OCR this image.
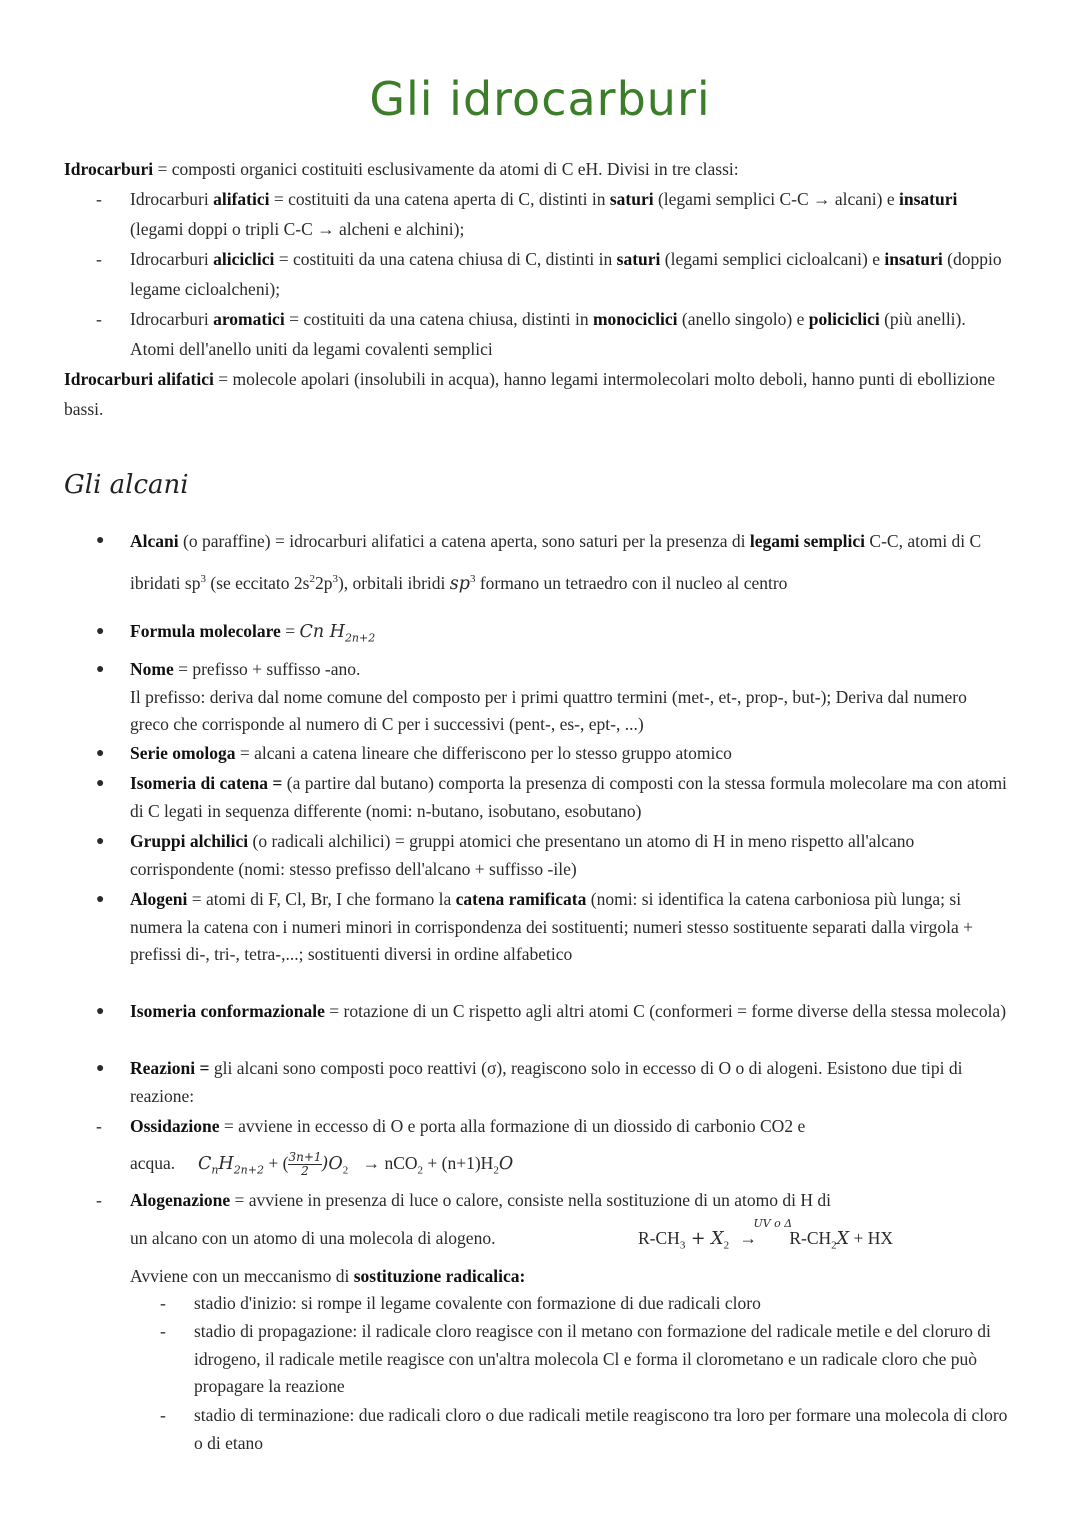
Gli idrocarburi
Idrocarburi = composti organici costituiti esclusivamente da atomi di C eH. Divisi in tre classi:
- Idrocarburi alifatici = costituiti da una catena aperta di C, distinti in saturi (legami semplici C-C → alcani) e insaturi (legami doppi o tripli C-C → alcheni e alchini);
- Idrocarburi aliciclici = costituiti da una catena chiusa di C, distinti in saturi (legami semplici cicloalcani) e insaturi (doppio legame cicloalcheni);
- Idrocarburi aromatici = costituiti da una catena chiusa, distinti in monociclici (anello singolo) e policiclici (più anelli). Atomi dell'anello uniti da legami covalenti semplici
Idrocarburi alifatici = molecole apolari (insolubili in acqua), hanno legami intermolecolari molto deboli, hanno punti di ebollizione bassi.
Gli alcani
● Alcani (o paraffine) = idrocarburi alifatici a catena aperta, sono saturi per la presenza di legami semplici C-C, atomi di C ibridati $sp^3$ (se eccitato $2s^22p^3$), orbitali ibridi $sp^3$ formano un tetraedro con il nucleo al centro
● Formula molecolare = Cn $H_{2n+2}$
● Nome = prefisso + suffisso -ano.
Il prefisso: deriva dal nome comune del composto per i primi quattro termini (met-, et-, prop-, but-); Deriva dal numero greco che corrisponde al numero di C per i successivi (pent-, es-, ept-, ...)
● Serie omologa = alcani a catena lineare che differiscono per lo stesso gruppo atomico
● Isomeria di catena = (a partire dal butano) comporta la presenza di composti con la stessa formula molecolare ma con atomi di C legati in sequenza differente (nomi: n-butano, isobutano, esobutano)
● Gruppi alchilici (o radicali alchilici) = gruppi atomici che presentano un atomo di H in meno rispetto all'alcano corrispondente (nomi: stesso prefisso dell'alcano + suffisso -ile)
● Alogeni = atomi di F, Cl, Br, I che formano la catena ramificata (nomi: si identifica la catena carboniosa più lunga; si numera la catena con i numeri minori in corrispondenza dei sostituenti; numeri stesso sostituente separati dalla virgola + prefissi di-, tri-, tetra-,...; sostituenti diversi in ordine alfabetico
● Isomeria conformazionale = rotazione di un C rispetto agli altri atomi C (conformeri = forme diverse della stessa molecola)
● Reazioni = gli alcani sono composti poco reattivi (σ), reagiscono solo in eccesso di O o di alogeni. Esistono due tipi di reazione:
- Ossidazione = avviene in eccesso di O e porta alla formazione di un diossido di carbonio CO2 e
acqua. $C_nH_{2n+2}$ + ( $\frac{3n+1}{2} )O_2 \to nCO_2 + (n+1)H_2O$
- Alogenazione = avviene in presenza di luce o calore, consiste nella sostituzione di un atomo di H di
un alcano con un atomo di una molecola di alogeno.	$R-CH_3 + X_2$ →
UV o Δ
$R-CH_2X$ + HX
Avviene con un meccanismo di sostituzione radicalica:
- stadio d'inizio: si rompe il legame covalente con formazione di due radicali cloro
- stadio di propagazione: il radicale cloro reagisce con il metano con formazione del radicale metile e del cloruro di idrogeno, il radicale metile reagisce con un'altra molecola Cl e forma il clorometano e un radicale cloro che può propagare la reazione
- stadio di terminazione: due radicali cloro o due radicali metile reagiscono tra loro per formare una molecola di cloro o di etano
